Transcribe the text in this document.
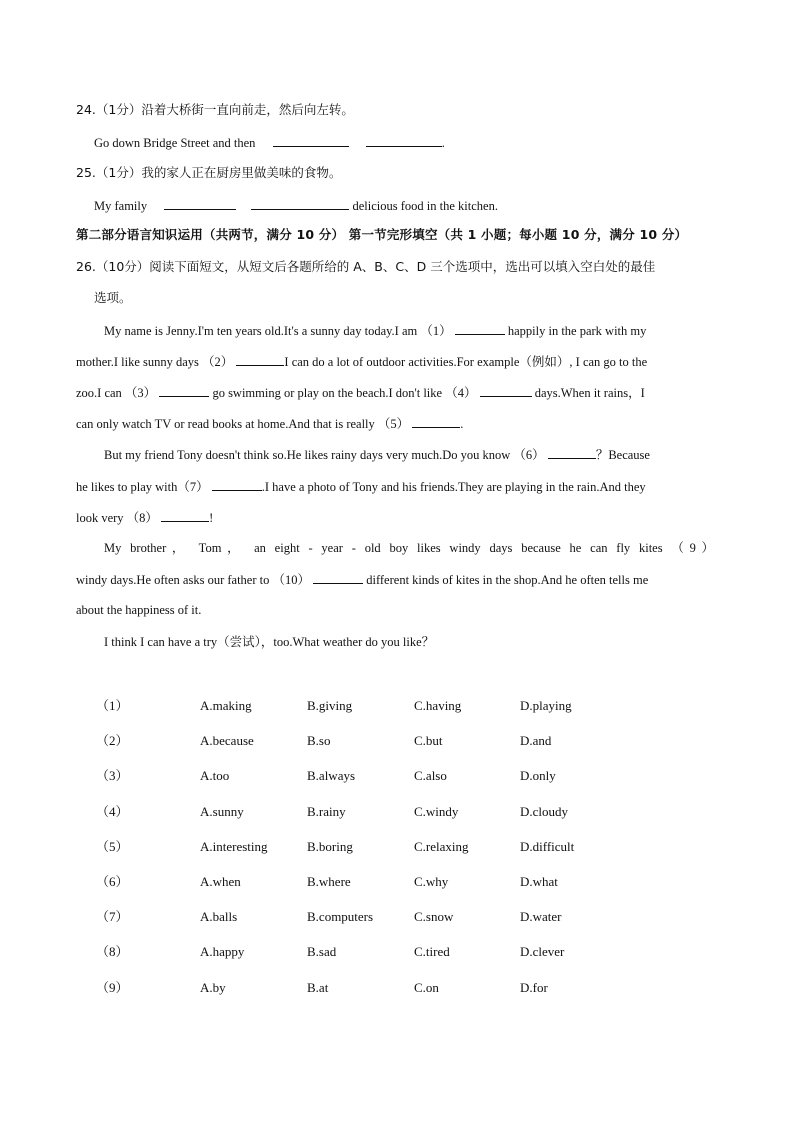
24.（1分）沿着大桥街一直向前走，然后向左转。
Go down Bridge Street and then	.
25.（1分）我的家人正在厨房里做美味的食物。
My family	delicious food in the kitchen.
第二部分语言知识运用（共两节，满分 10 分） 第一节完形填空（共 1 小题；每小题 10 分，满分 10 分）
26.（10分）阅读下面短文，从短文后各题所给的 A、B、C、D 三个选项中，选出可以填入空白处的最佳
选项。
My name is Jenny.I'm ten years old.It's a sunny day today.I am （1）	happily in the park with my
mother.I like sunny days （2）	I can do a lot of outdoor activities.For example（例如）, I can go to the
zoo.I can （3）	go swimming or play on the beach.I don't like （4）	days.When it rains，I
can only watch TV or read books at home.And that is really （5）	.
But my friend Tony doesn't think so.He likes rainy days very much.Do you know （6）	？Because
he likes to play with（7）	.I have a photo of Tony and his friends.They are playing in the rain.And they
look very （8）	!
My brother， Tom， an eight - year - old boy likes windy days because he can fly kites （9）
windy days.He often asks our father to （10）	different kinds of kites in the shop.And he often tells me
about the happiness of it.
I think I can have a try（尝试），too.What weather do you like？
（1）	A.making	B.giving	C.having	D.playing
（2）	A.because	B.so	C.but	D.and
（3）	A.too	B.always	C.also	D.only
（4）	A.sunny	B.rainy	C.windy	D.cloudy
（5）	A.interesting	B.boring	C.relaxing	D.difficult
（6）	A.when	B.where	C.why	D.what
（7）	A.balls	B.computers	C.snow	D.water
（8）	A.happy	B.sad	C.tired	D.clever
（9）	A.by	B.at	C.on	D.for
